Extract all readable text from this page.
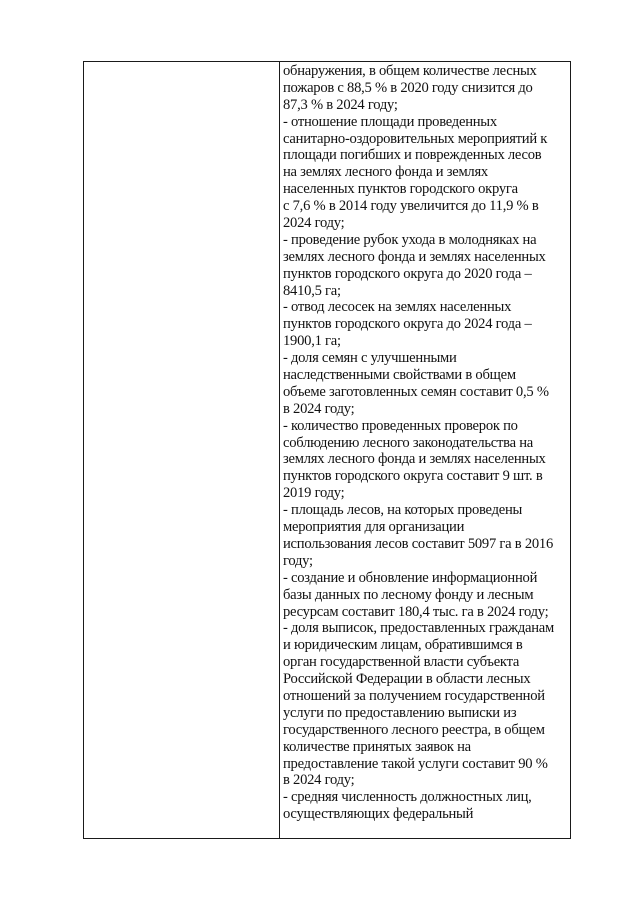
обнаружения, в общем количестве лесных
пожаров с 88,5 % в 2020 году снизится до
87,3 % в 2024 году;
- отношение площади проведенных
санитарно-оздоровительных мероприятий к
площади погибших и поврежденных лесов
на землях лесного фонда и землях
населенных пунктов городского округа
с 7,6 % в 2014 году увеличится до 11,9 % в
2024 году;
- проведение рубок ухода в молодняках на
землях лесного фонда и землях населенных
пунктов городского округа до 2020 года –
8410,5 га;
- отвод лесосек на землях населенных
пунктов городского округа до 2024 года –
1900,1 га;
- доля семян с улучшенными
наследственными свойствами в общем
объеме заготовленных семян составит 0,5 %
в 2024 году;
- количество проведенных проверок по
соблюдению лесного законодательства на
землях лесного фонда и землях населенных
пунктов городского округа составит 9 шт. в
2019 году;
- площадь лесов, на которых проведены
мероприятия для организации
использования лесов составит 5097 га в 2016
году;
- создание и обновление информационной
базы данных по лесному фонду и лесным
ресурсам составит 180,4 тыс. га в 2024 году;
- доля выписок, предоставленных гражданам
и юридическим лицам, обратившимся в
орган государственной власти субъекта
Российской Федерации в области лесных
отношений за получением государственной
услуги по предоставлению выписки из
государственного лесного реестра, в общем
количестве принятых заявок на
предоставление такой услуги составит 90 %
в 2024 году;
- средняя численность должностных лиц,
осуществляющих федеральный
